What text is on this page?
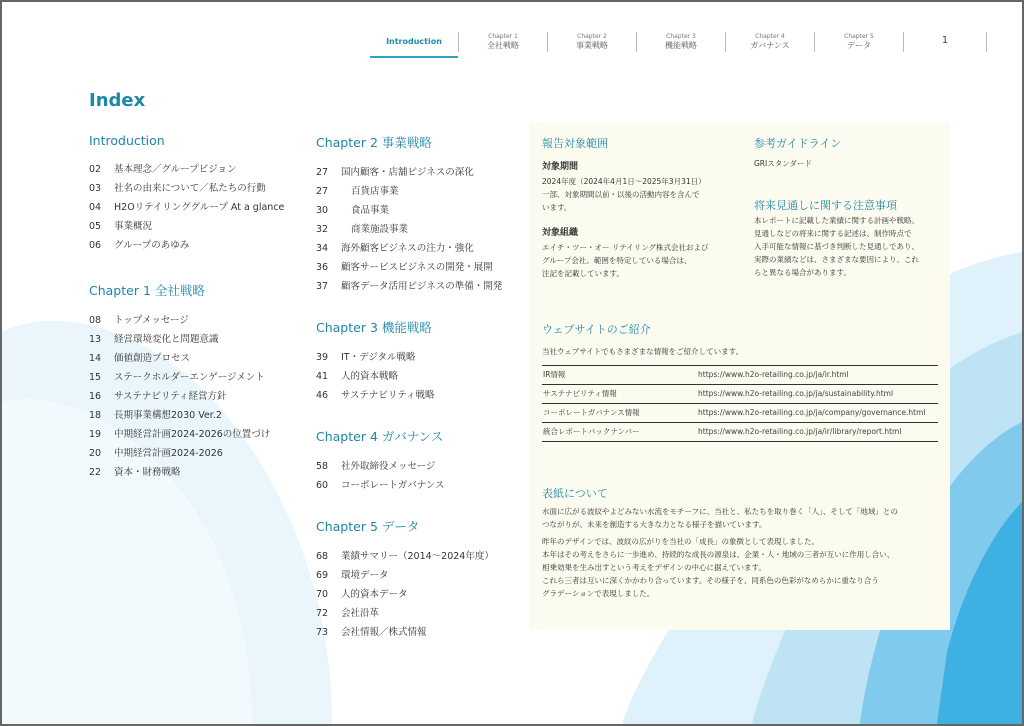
Introduction
Chapter 1
全社戦略
Chapter 2
事業戦略
Chapter 3
機能戦略
Chapter 4
ガバナンス
Chapter 5
データ	1
Index
Introduction
02	基本理念／グループビジョン
03	社名の由来について／私たちの行動
04	H2Oリテイリンググループ At a glance
05	事業概況
06	グループのあゆみ
Chapter 1 全社戦略
08	トップメッセージ
13	経営環境変化と問題意識
14	価値創造プロセス
15	ステークホルダーエンゲージメント
16	サステナビリティ経営方針
18	長期事業構想2030 Ver.2
19	中期経営計画2024-2026の位置づけ
20	中期経営計画2024-2026
22	資本・財務戦略
Chapter 2 事業戦略
27	国内顧客・店舗ビジネスの深化
27	百貨店事業
30	食品事業
32	商業施設事業
34	海外顧客ビジネスの注力・強化
36	顧客サービスビジネスの開発・展開
37	顧客データ活用ビジネスの準備・開発
Chapter 3 機能戦略
39	IT・デジタル戦略
41	人的資本戦略
46	サステナビリティ戦略
Chapter 4 ガバナンス
58	社外取締役メッセージ
60	コーポレートガバナンス
Chapter 5 データ
68	業績サマリー（2014～2024年度）
69	環境データ
70	人的資本データ
72	会社沿革
73	会社情報／株式情報
報告対象範囲
対象期間
2024年度（2024年4月1日～2025年3月31日）
一部、対象期間以前・以後の活動内容を含んで
います。
対象組織
エイチ・ツー・オー リテイリング株式会社および
グループ会社。範囲を特定している場合は、
注記を記載しています。
参考ガイドライン
GRIスタンダード
将来見通しに関する注意事項
本レポートに記載した業績に関する計画や戦略、
見通しなどの将来に関する記述は、制作時点で
入手可能な情報に基づき判断した見通しであり、
実際の業績などは、さまざまな要因により、これ
らと異なる場合があります。
ウェブサイトのご紹介
当社ウェブサイトでもさまざまな情報をご紹介しています。
IR情報	https://www.h2o-retailing.co.jp/ja/ir.html
サステナビリティ情報	https://www.h2o-retailing.co.jp/ja/sustainability.html
コーポレートガバナンス情報	https://www.h2o-retailing.co.jp/ja/company/governance.html
統合レポートバックナンバー	https://www.h2o-retailing.co.jp/ja/ir/library/report.html
表紙について
水面に広がる波紋やよどみない水流をモチーフに、当社と、私たちを取り巻く「人」、そして「地域」との
つながりが、未来を創造する大きな力となる様子を描いています。
昨年のデザインでは、波紋の広がりを当社の「成長」の象徴として表現しました。
本年はその考えをさらに一歩進め、持続的な成長の源泉は、企業・人・地域の三者が互いに作用し合い、
相乗効果を生み出すという考えをデザインの中心に据えています。
これら三者は互いに深くかかわり合っています。その様子を、同系色の色彩がなめらかに重なり合う
グラデーションで表現しました。
